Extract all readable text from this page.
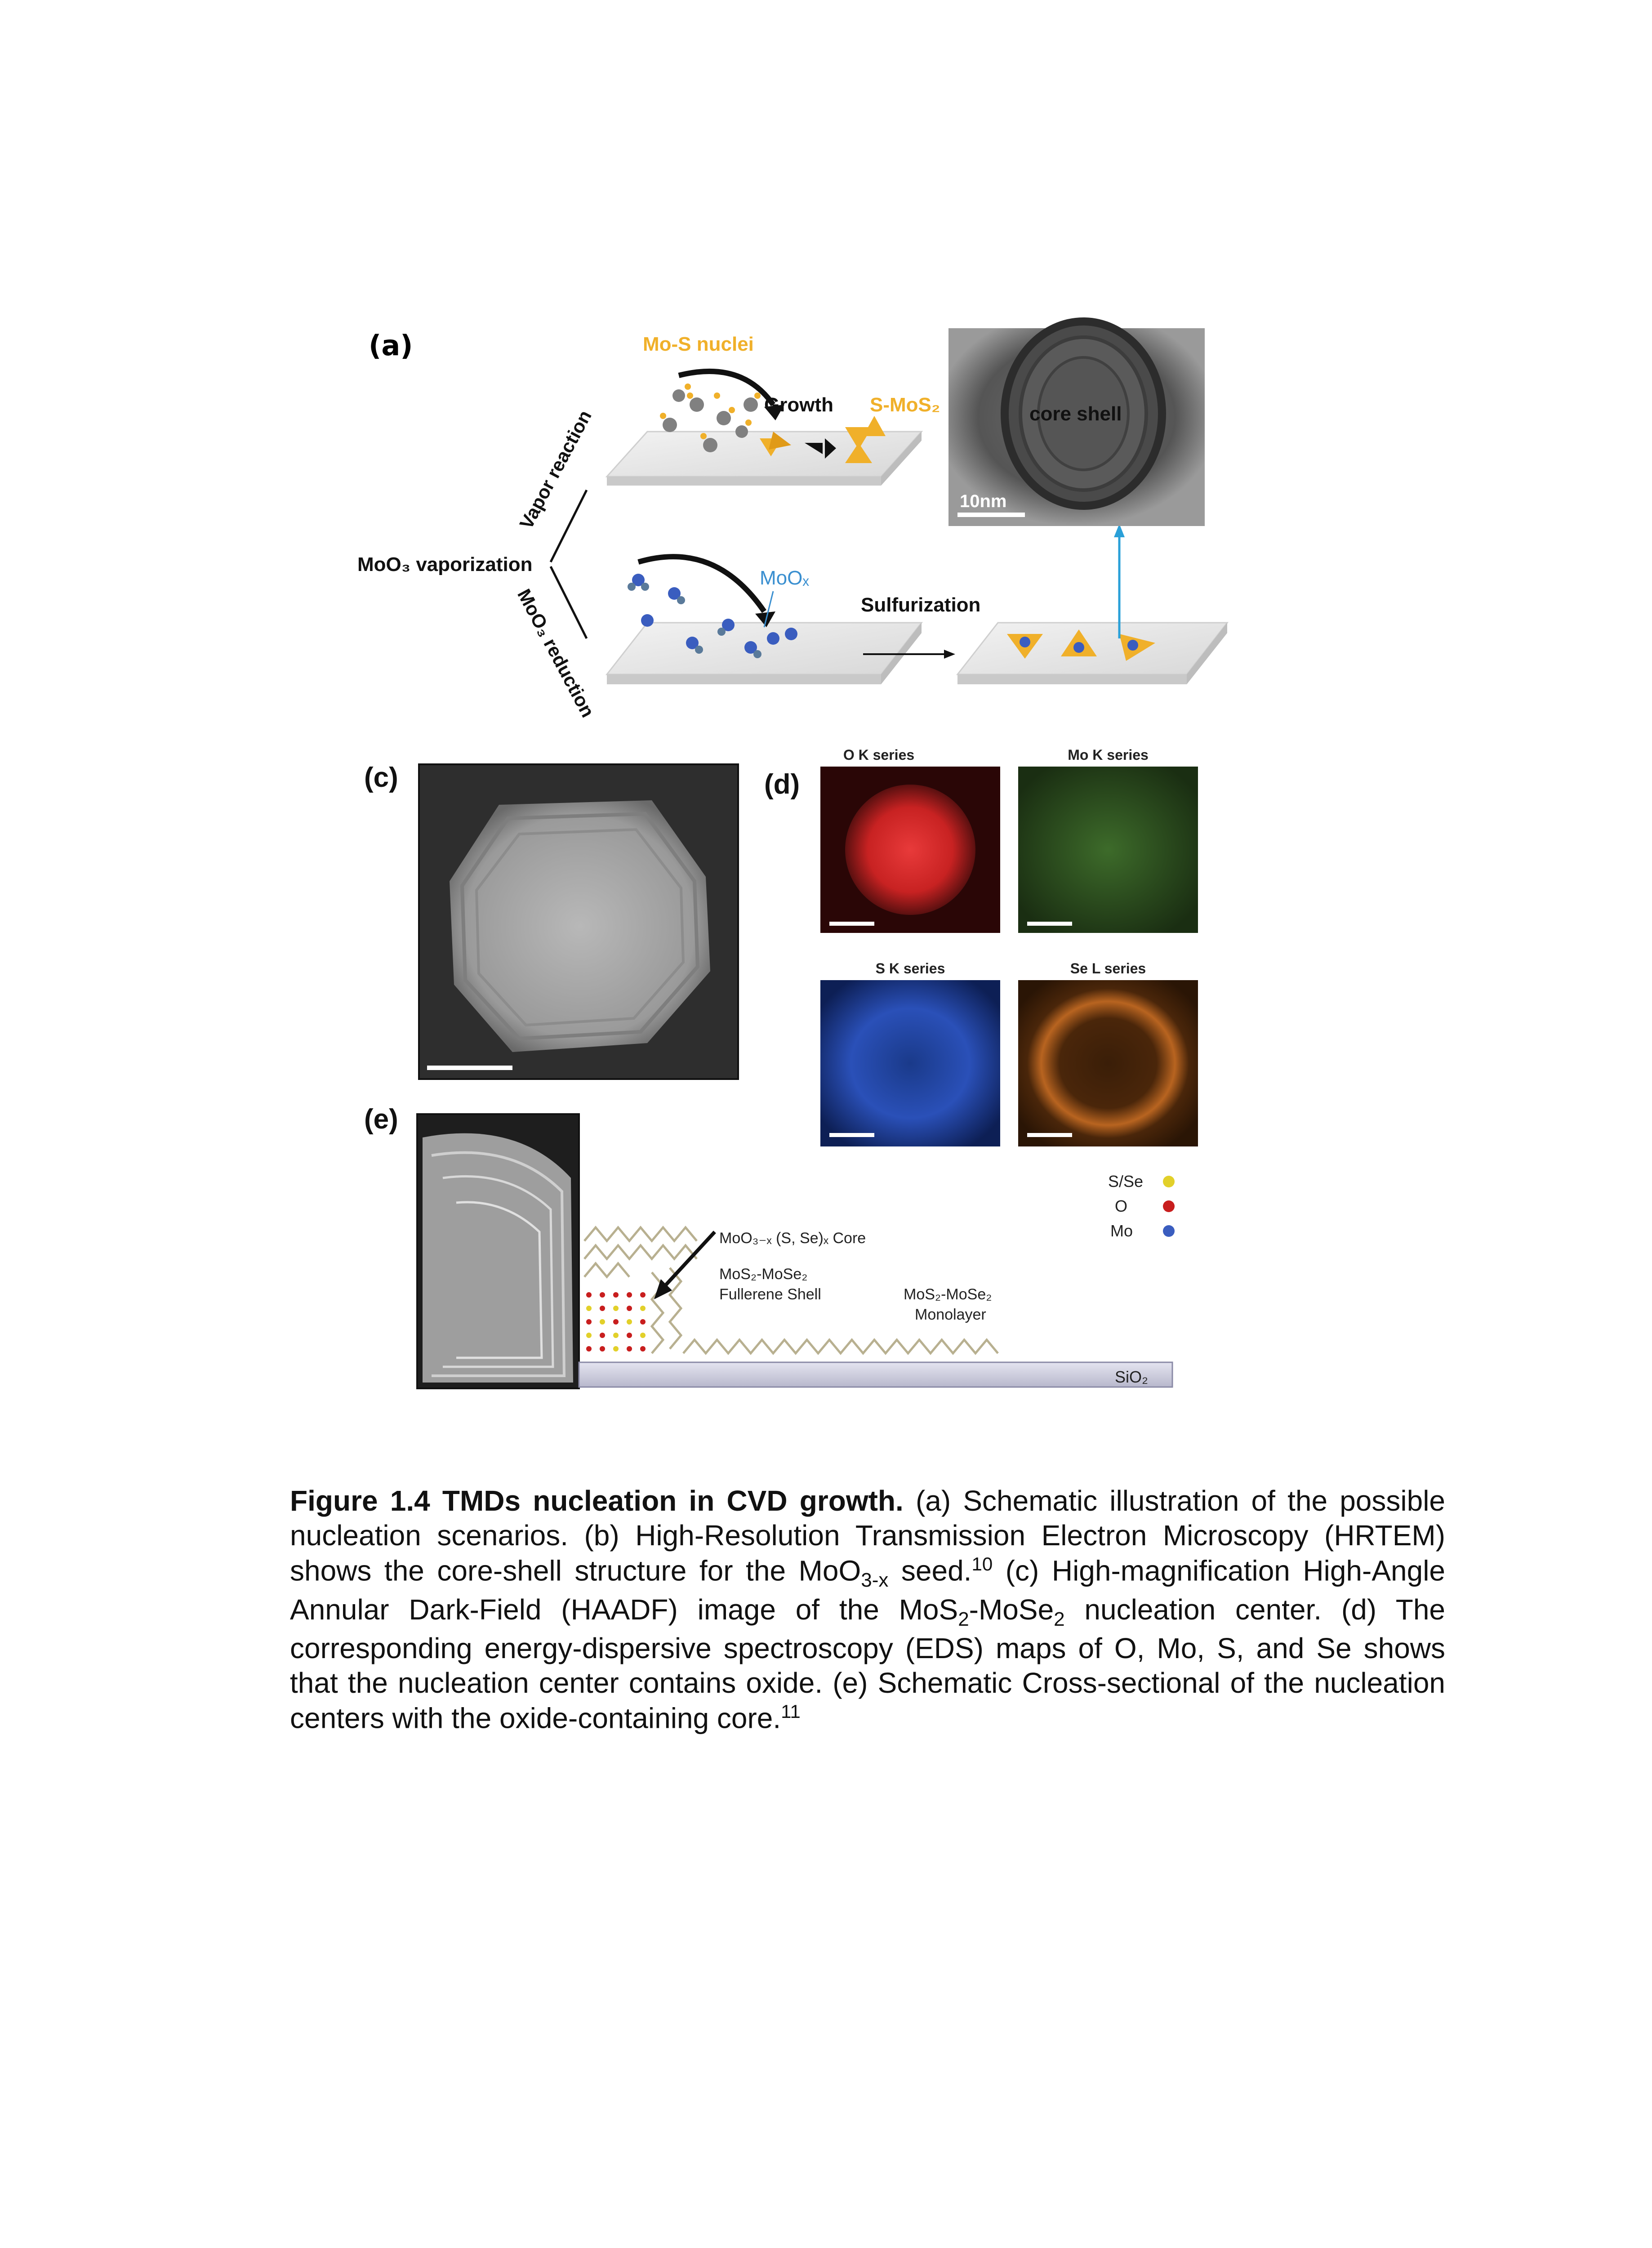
(a)	Mo-S nuclei
Growth S-MoS₂
MoO₃ vaporization
Vapor reaction
MoO₃ reduction
MoOₓ
Sulfurization
core shell
10nm
(c)	(d)
O K series	Mo K series
S K series	Se L series
(e)
SiO₂
MoO₃₋ₓ (S, Se)ₓ Core
MoS₂-MoSe₂
Fullerene Shell	MoS₂-MoSe₂
Monolayer
S/Se
O
Mo
Figure 1.4 TMDs nucleation in CVD growth. (a) Schematic illustration of the possible nucleation scenarios. (b) High-Resolution Transmission Electron Microscopy (HRTEM) shows the core-shell structure for the MoO$_{3-x}$ seed.$^{10}$ (c) High-magnification High-Angle Annular Dark-Field (HAADF) image of the MoS$_2$-MoSe$_2$ nucleation center. (d) The corresponding energy-dispersive spectroscopy (EDS) maps of O, Mo, S, and Se shows that the nucleation center contains oxide. (e) Schematic Cross-sectional of the nucleation centers with the oxide-containing core.$^{11}$
